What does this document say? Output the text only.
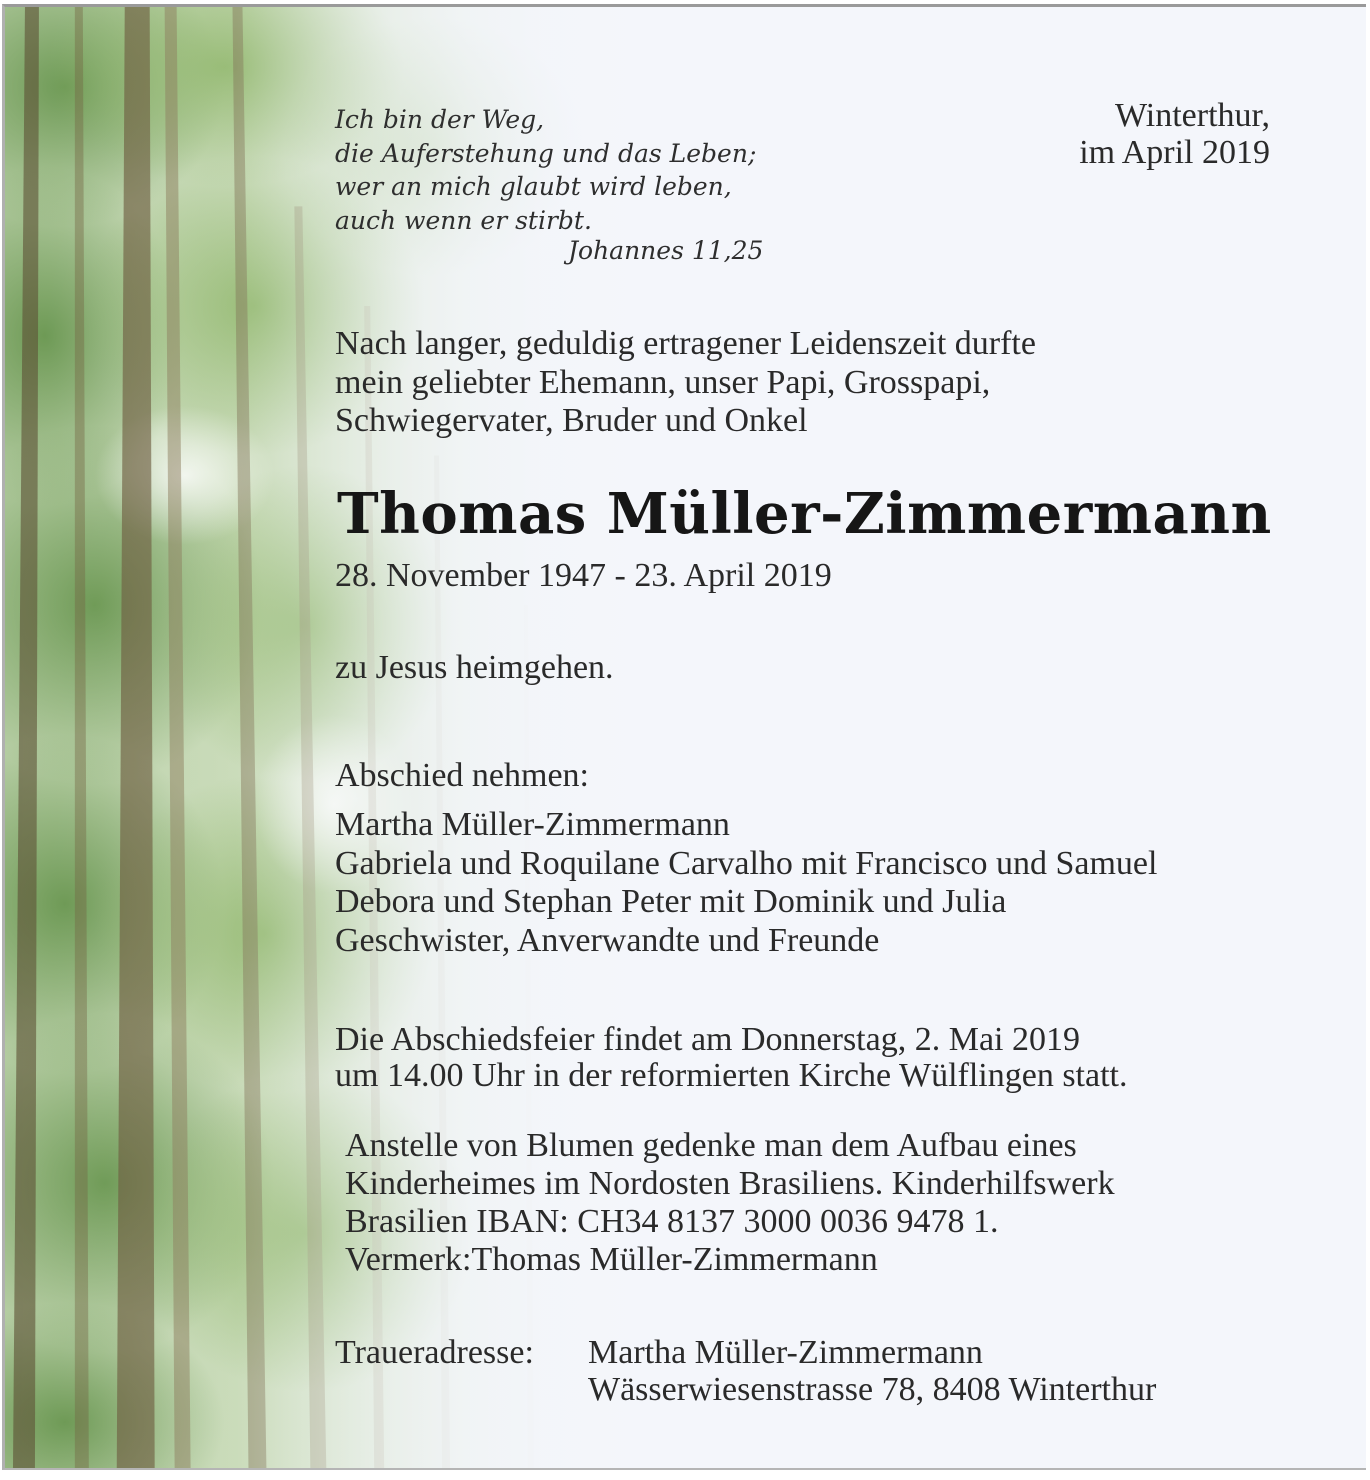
Ich bin der Weg,
die Auferstehung und das Leben;
wer an mich glaubt wird leben,
auch wenn er stirbt.
Johannes 11,25
Winterthur,
im April 2019
Nach langer, geduldig ertragener Leidenszeit durfte
mein geliebter Ehemann, unser Papi, Grosspapi,
Schwiegervater, Bruder und Onkel
Thomas Müller-Zimmermann
28. November 1947 - 23. April 2019
zu Jesus heimgehen.
Abschied nehmen:
Martha Müller-Zimmermann
Gabriela und Roquilane Carvalho mit Francisco und Samuel
Debora und Stephan Peter mit Dominik und Julia
Geschwister, Anverwandte und Freunde
Die Abschiedsfeier findet am Donnerstag, 2. Mai 2019
um 14.00 Uhr in der reformierten Kirche Wülflingen statt.
Anstelle von Blumen gedenke man dem Aufbau eines
Kinderheimes im Nordosten Brasiliens. Kinderhilfswerk
Brasilien IBAN: CH34 8137 3000 0036 9478 1.
Vermerk:Thomas Müller-Zimmermann
Traueradresse: Martha Müller-Zimmermann
Wässerwiesenstrasse 78, 8408 Winterthur
